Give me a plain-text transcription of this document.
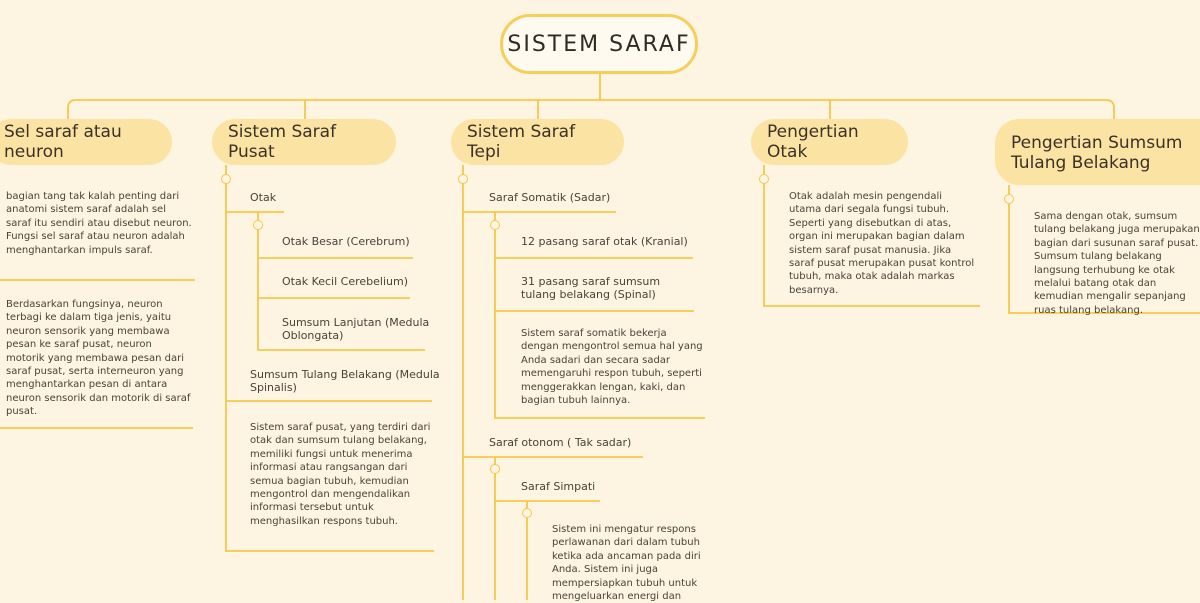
SISTEM SARAF
Sel saraf atau neuron
Sistem Saraf Pusat
Sistem Saraf Tepi
Pengertian Otak	Pengertian Sumsum Tulang Belakang
bagian tang tak kalah penting dari anatomi sistem saraf adalah sel saraf itu sendiri atau disebut neuron. Fungsi sel saraf atau neuron adalah menghantarkan impuls saraf.
Berdasarkan fungsinya, neuron terbagi ke dalam tiga jenis, yaitu neuron sensorik yang membawa pesan ke saraf pusat, neuron motorik yang membawa pesan dari saraf pusat, serta interneuron yang menghantarkan pesan di antara neuron sensorik dan motorik di saraf pusat.
Otak
Otak Besar (Cerebrum)
Otak Kecil Cerebelium)
Sumsum Lanjutan (Medula Oblongata)
Sumsum Tulang Belakang (Medula Spinalis)
Sistem saraf pusat, yang terdiri dari otak dan sumsum tulang belakang, memiliki fungsi untuk menerima informasi atau rangsangan dari semua bagian tubuh, kemudian mengontrol dan mengendalikan informasi tersebut untuk menghasilkan respons tubuh.
Saraf Somatik (Sadar)
12 pasang saraf otak (Kranial)
31 pasang saraf sumsum tulang belakang (Spinal)
Sistem saraf somatik bekerja dengan mengontrol semua hal yang Anda sadari dan secara sadar memengaruhi respon tubuh, seperti menggerakkan lengan, kaki, dan bagian tubuh lainnya.
Saraf otonom ( Tak sadar)
Saraf Simpati
Sistem ini mengatur respons perlawanan dari dalam tubuh ketika ada ancaman pada diri Anda. Sistem ini juga mempersiapkan tubuh untuk mengeluarkan energi dan
Otak adalah mesin pengendali utama dari segala fungsi tubuh. Seperti yang disebutkan di atas, organ ini merupakan bagian dalam sistem saraf pusat manusia. Jika saraf pusat merupakan pusat kontrol tubuh, maka otak adalah markas besarnya.
Sama dengan otak, sumsum tulang belakang juga merupakan bagian dari susunan saraf pusat. Sumsum tulang belakang langsung terhubung ke otak melalui batang otak dan kemudian mengalir sepanjang ruas tulang belakang.
